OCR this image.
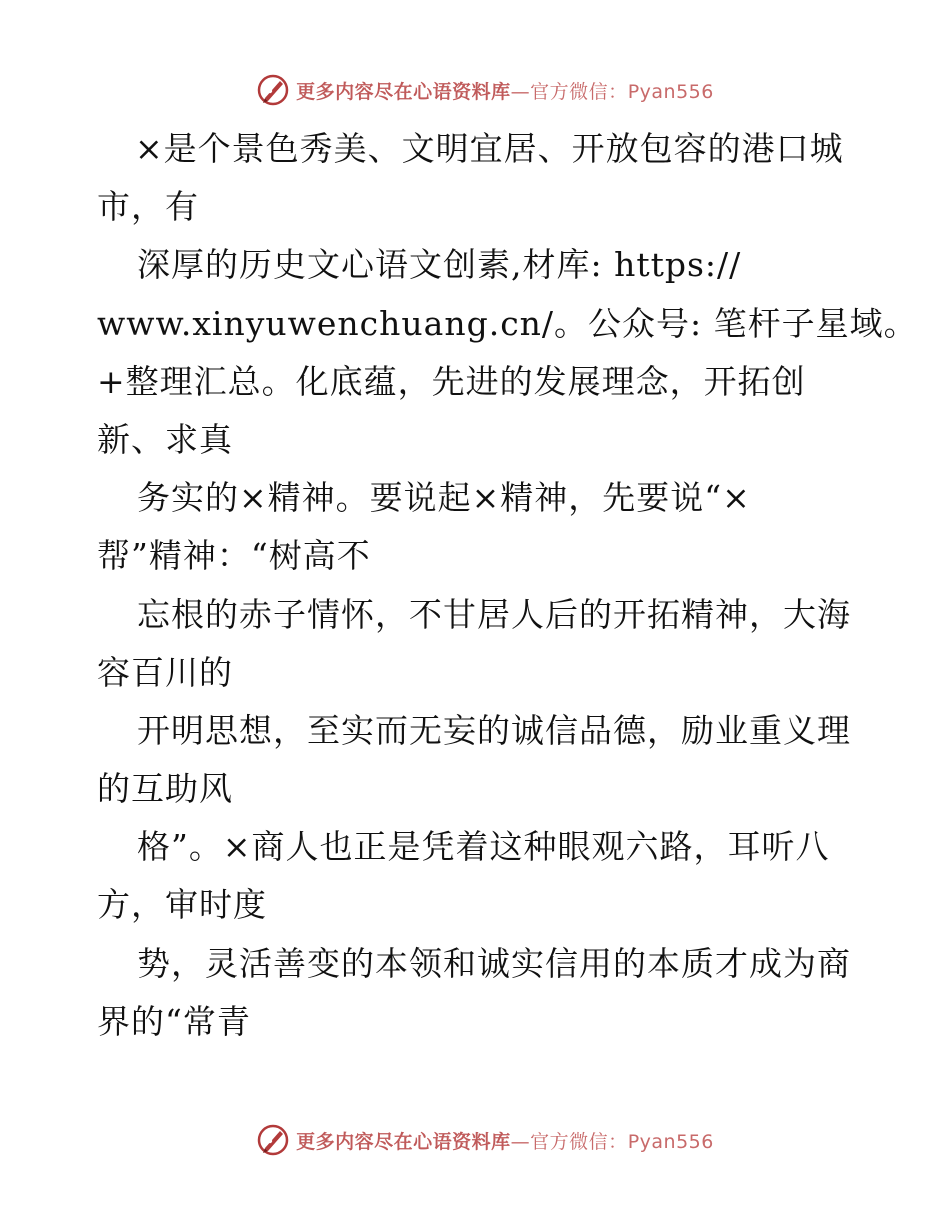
更多内容尽在心语资料库—官方微信：Pyan556
×是个景色秀美、文明宜居、开放包容的港口城
市，有
深厚的历史文心语文创素,材库: https://
www.xinyuwenchuang.cn/。公众号: 笔杆子星域。
+整理汇总。化底蕴，先进的发展理念，开拓创
新、求真
务实的×精神。要说起×精神，先要说“×
帮”精神：“树高不
忘根的赤子情怀，不甘居人后的开拓精神，大海
容百川的
开明思想，至实而无妄的诚信品德，励业重义理
的互助风
格”。×商人也正是凭着这种眼观六路，耳听八
方，审时度
势，灵活善变的本领和诚实信用的本质才成为商
界的“常青
更多内容尽在心语资料库—官方微信：Pyan556
